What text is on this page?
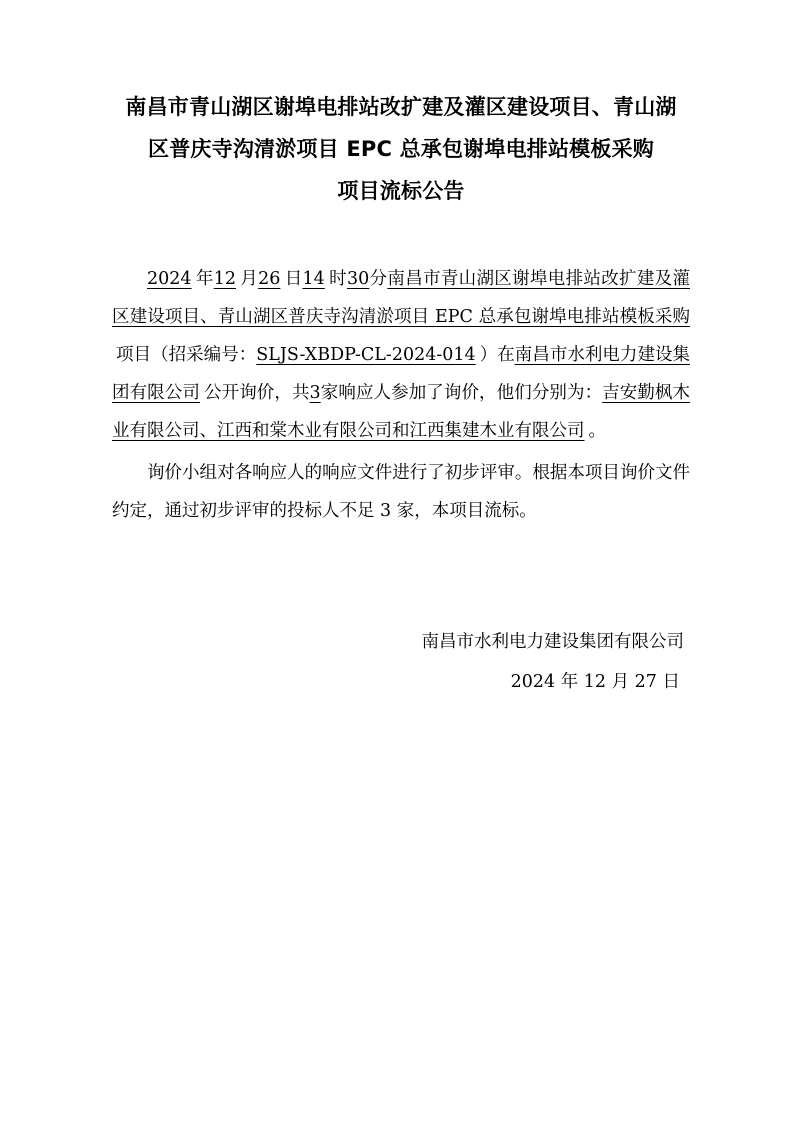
南昌市青山湖区谢埠电排站改扩建及灌区建设项目、青山湖
区普庆寺沟清淤项目 EPC 总承包谢埠电排站模板采购
项目流标公告

2024 年12 月26 日14 时30分南昌市青山湖区谢埠电排站改扩建及灌区建设项目、青山湖区普庆寺沟清淤项目 EPC 总承包谢埠电排站模板采购项目（招采编号：SLJS-XBDP-CL-2024-014 ）在南昌市水利电力建设集团有限公司 公开询价，共3家响应人参加了询价，他们分别为：吉安勤枫木业有限公司、江西和棠木业有限公司和江西集建木业有限公司 。

询价小组对各响应人的响应文件进行了初步评审。根据本项目询价文件约定，通过初步评审的投标人不足 3 家，本项目流标。

南昌市水利电力建设集团有限公司
2024 年 12 月 27 日
